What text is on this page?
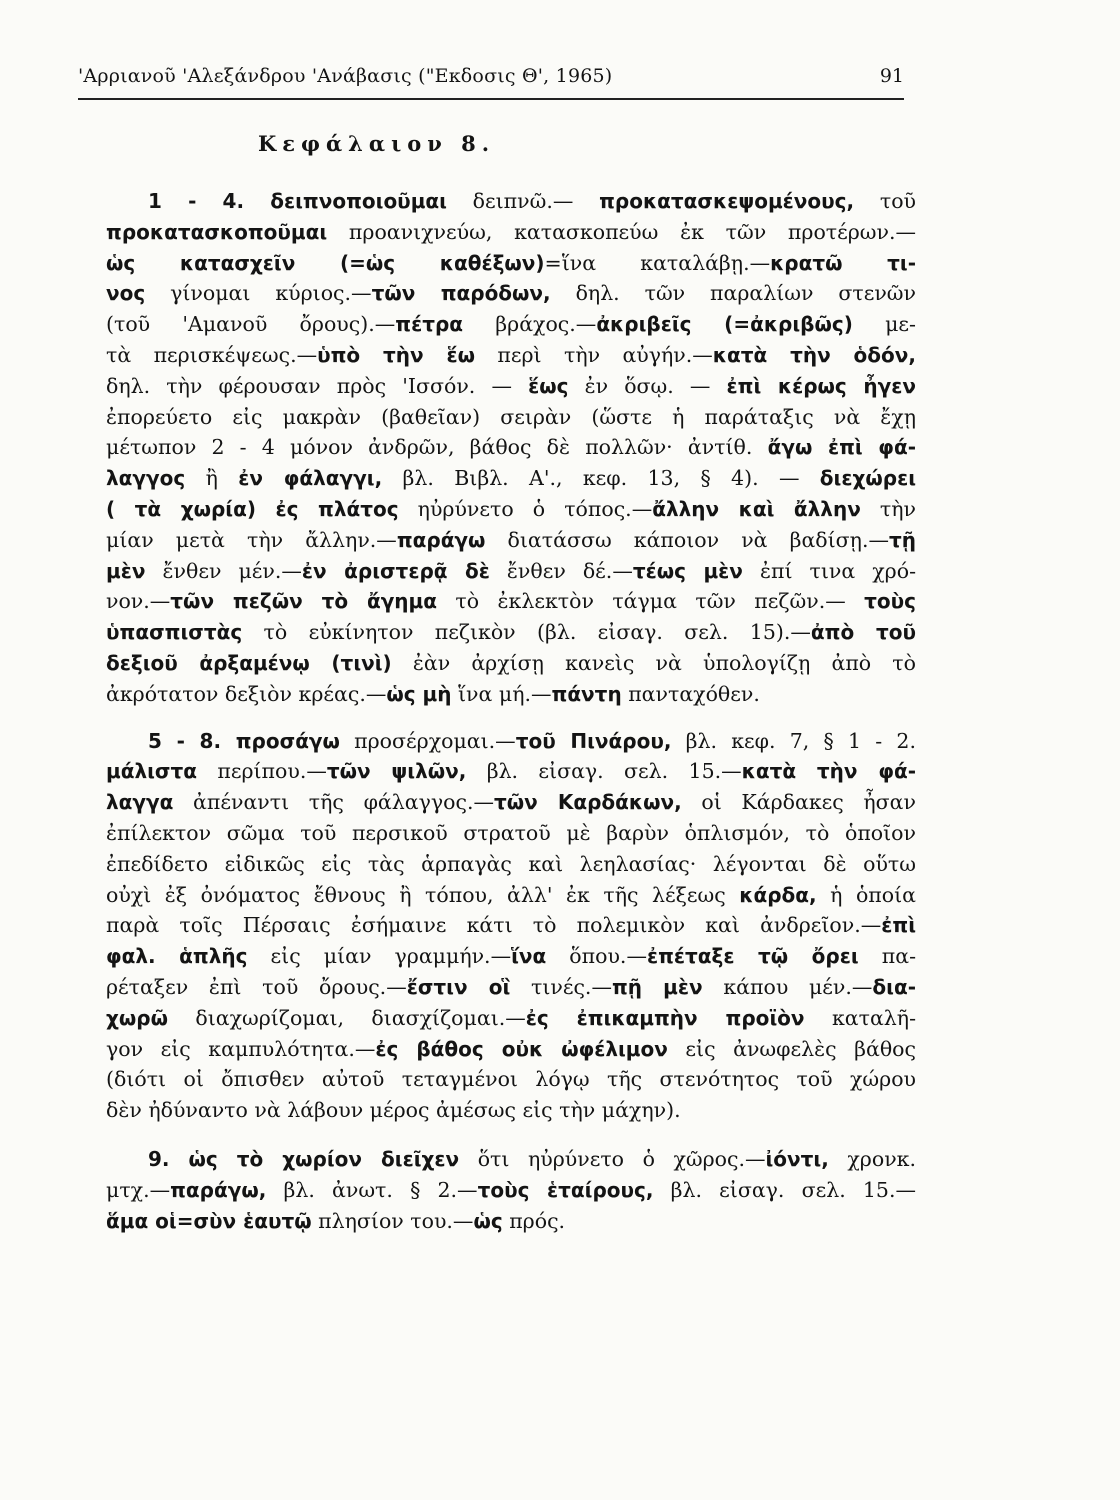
'Αρριανοῦ 'Αλεξάνδρου 'Ανάβασις ("Εκδοσις Θ', 1965)	91
Κεφάλαιον 8.
1 - 4. δειπνοποιοῦμαι δειπνῶ.— προκατασκεψομένους, τοῦ
προκατασκοποῦμαι προανιχνεύω, κατασκοπεύω ἐκ τῶν προτέρων.—
ὡς κατασχεῖν (=ὡς καθέξων)=ἵνα καταλάβῃ.—κρατῶ τι-
νος γίνομαι κύριος.—τῶν παρόδων, δηλ. τῶν παραλίων στενῶν
(τοῦ 'Αμανοῦ ὄρους).—πέτρα βράχος.—ἀκριβεῖς (=ἀκριβῶς) με-
τὰ περισκέψεως.—ὑπὸ τὴν ἕω περὶ τὴν αὐγήν.—κατὰ τὴν ὁδόν,
δηλ. τὴν φέρουσαν πρὸς 'Ισσόν. — ἕως ἐν ὅσῳ. — ἐπὶ κέρως ἦγεν
ἐπορεύετο εἰς μακρὰν (βαθεῖαν) σειρὰν (ὥστε ἡ παράταξις νὰ ἔχῃ
μέτωπον 2 - 4 μόνον ἀνδρῶν, βάθος δὲ πολλῶν· ἀντίθ. ἄγω ἐπὶ φά-
λαγγος ἢ ἐν φάλαγγι, βλ. Βιβλ. Α'., κεφ. 13, § 4). — διεχώρει
( τὰ χωρία) ἐς πλάτος ηὐρύνετο ὁ τόπος.—ἄλλην καὶ ἄλλην τὴν
μίαν μετὰ τὴν ἄλλην.—παράγω διατάσσω κάποιον νὰ βαδίσῃ.—τῇ
μὲν ἔνθεν μέν.—ἐν ἀριστερᾷ δὲ ἔνθεν δέ.—τέως μὲν ἐπί τινα χρό-
νον.—τῶν πεζῶν τὸ ἄγημα τὸ ἐκλεκτὸν τάγμα τῶν πεζῶν.— τοὺς
ὑπασπιστὰς τὸ εὐκίνητον πεζικὸν (βλ. εἰσαγ. σελ. 15).—ἀπὸ τοῦ
δεξιοῦ ἀρξαμένῳ (τινὶ) ἐὰν ἀρχίσῃ κανεὶς νὰ ὑπολογίζῃ ἀπὸ τὸ
ἀκρότατον δεξιὸν κρέας.—ὡς μὴ ἵνα μή.—πάντη πανταχόθεν.
5 - 8. προσάγω προσέρχομαι.—τοῦ Πινάρου, βλ. κεφ. 7, § 1 - 2.
μάλιστα περίπου.—τῶν ψιλῶν, βλ. εἰσαγ. σελ. 15.—κατὰ τὴν φά-
λαγγα ἀπέναντι τῆς φάλαγγος.—τῶν Καρδάκων, οἱ Κάρδακες ἦσαν
ἐπίλεκτον σῶμα τοῦ περσικοῦ στρατοῦ μὲ βαρὺν ὁπλισμόν, τὸ ὁποῖον
ἐπεδίδετο εἰδικῶς εἰς τὰς ἁρπαγὰς καὶ λεηλασίας· λέγονται δὲ οὕτω
οὐχὶ ἐξ ὀνόματος ἔθνους ἢ τόπου, ἀλλ' ἐκ τῆς λέξεως κάρδα, ἡ ὁποία
παρὰ τοῖς Πέρσαις ἐσήμαινε κάτι τὸ πολεμικὸν καὶ ἀνδρεῖον.—ἐπὶ
φαλ. ἁπλῆς εἰς μίαν γραμμήν.—ἵνα ὅπου.—ἐπέταξε τῷ ὄρει πα-
ρέταξεν ἐπὶ τοῦ ὄρους.—ἔστιν οἳ τινές.—πῇ μὲν κάπου μέν.—δια-
χωρῶ διαχωρίζομαι, διασχίζομαι.—ἐς ἐπικαμπὴν προϊὸν καταλῆ-
γον εἰς καμπυλότητα.—ἐς βάθος οὐκ ὠφέλιμον εἰς ἀνωφελὲς βάθος
(διότι οἱ ὄπισθεν αὐτοῦ τεταγμένοι λόγῳ τῆς στενότητος τοῦ χώρου
δὲν ἠδύναντο νὰ λάβουν μέρος ἀμέσως εἰς τὴν μάχην).
9. ὡς τὸ χωρίον διεῖχεν ὅτι ηὐρύνετο ὁ χῶρος.—ἰόντι, χρονκ.
μτχ.—παράγω, βλ. ἀνωτ. § 2.—τοὺς ἑταίρους, βλ. εἰσαγ. σελ. 15.—
ἅμα οἱ=σὺν ἑαυτῷ πλησίον του.—ὡς πρός.
